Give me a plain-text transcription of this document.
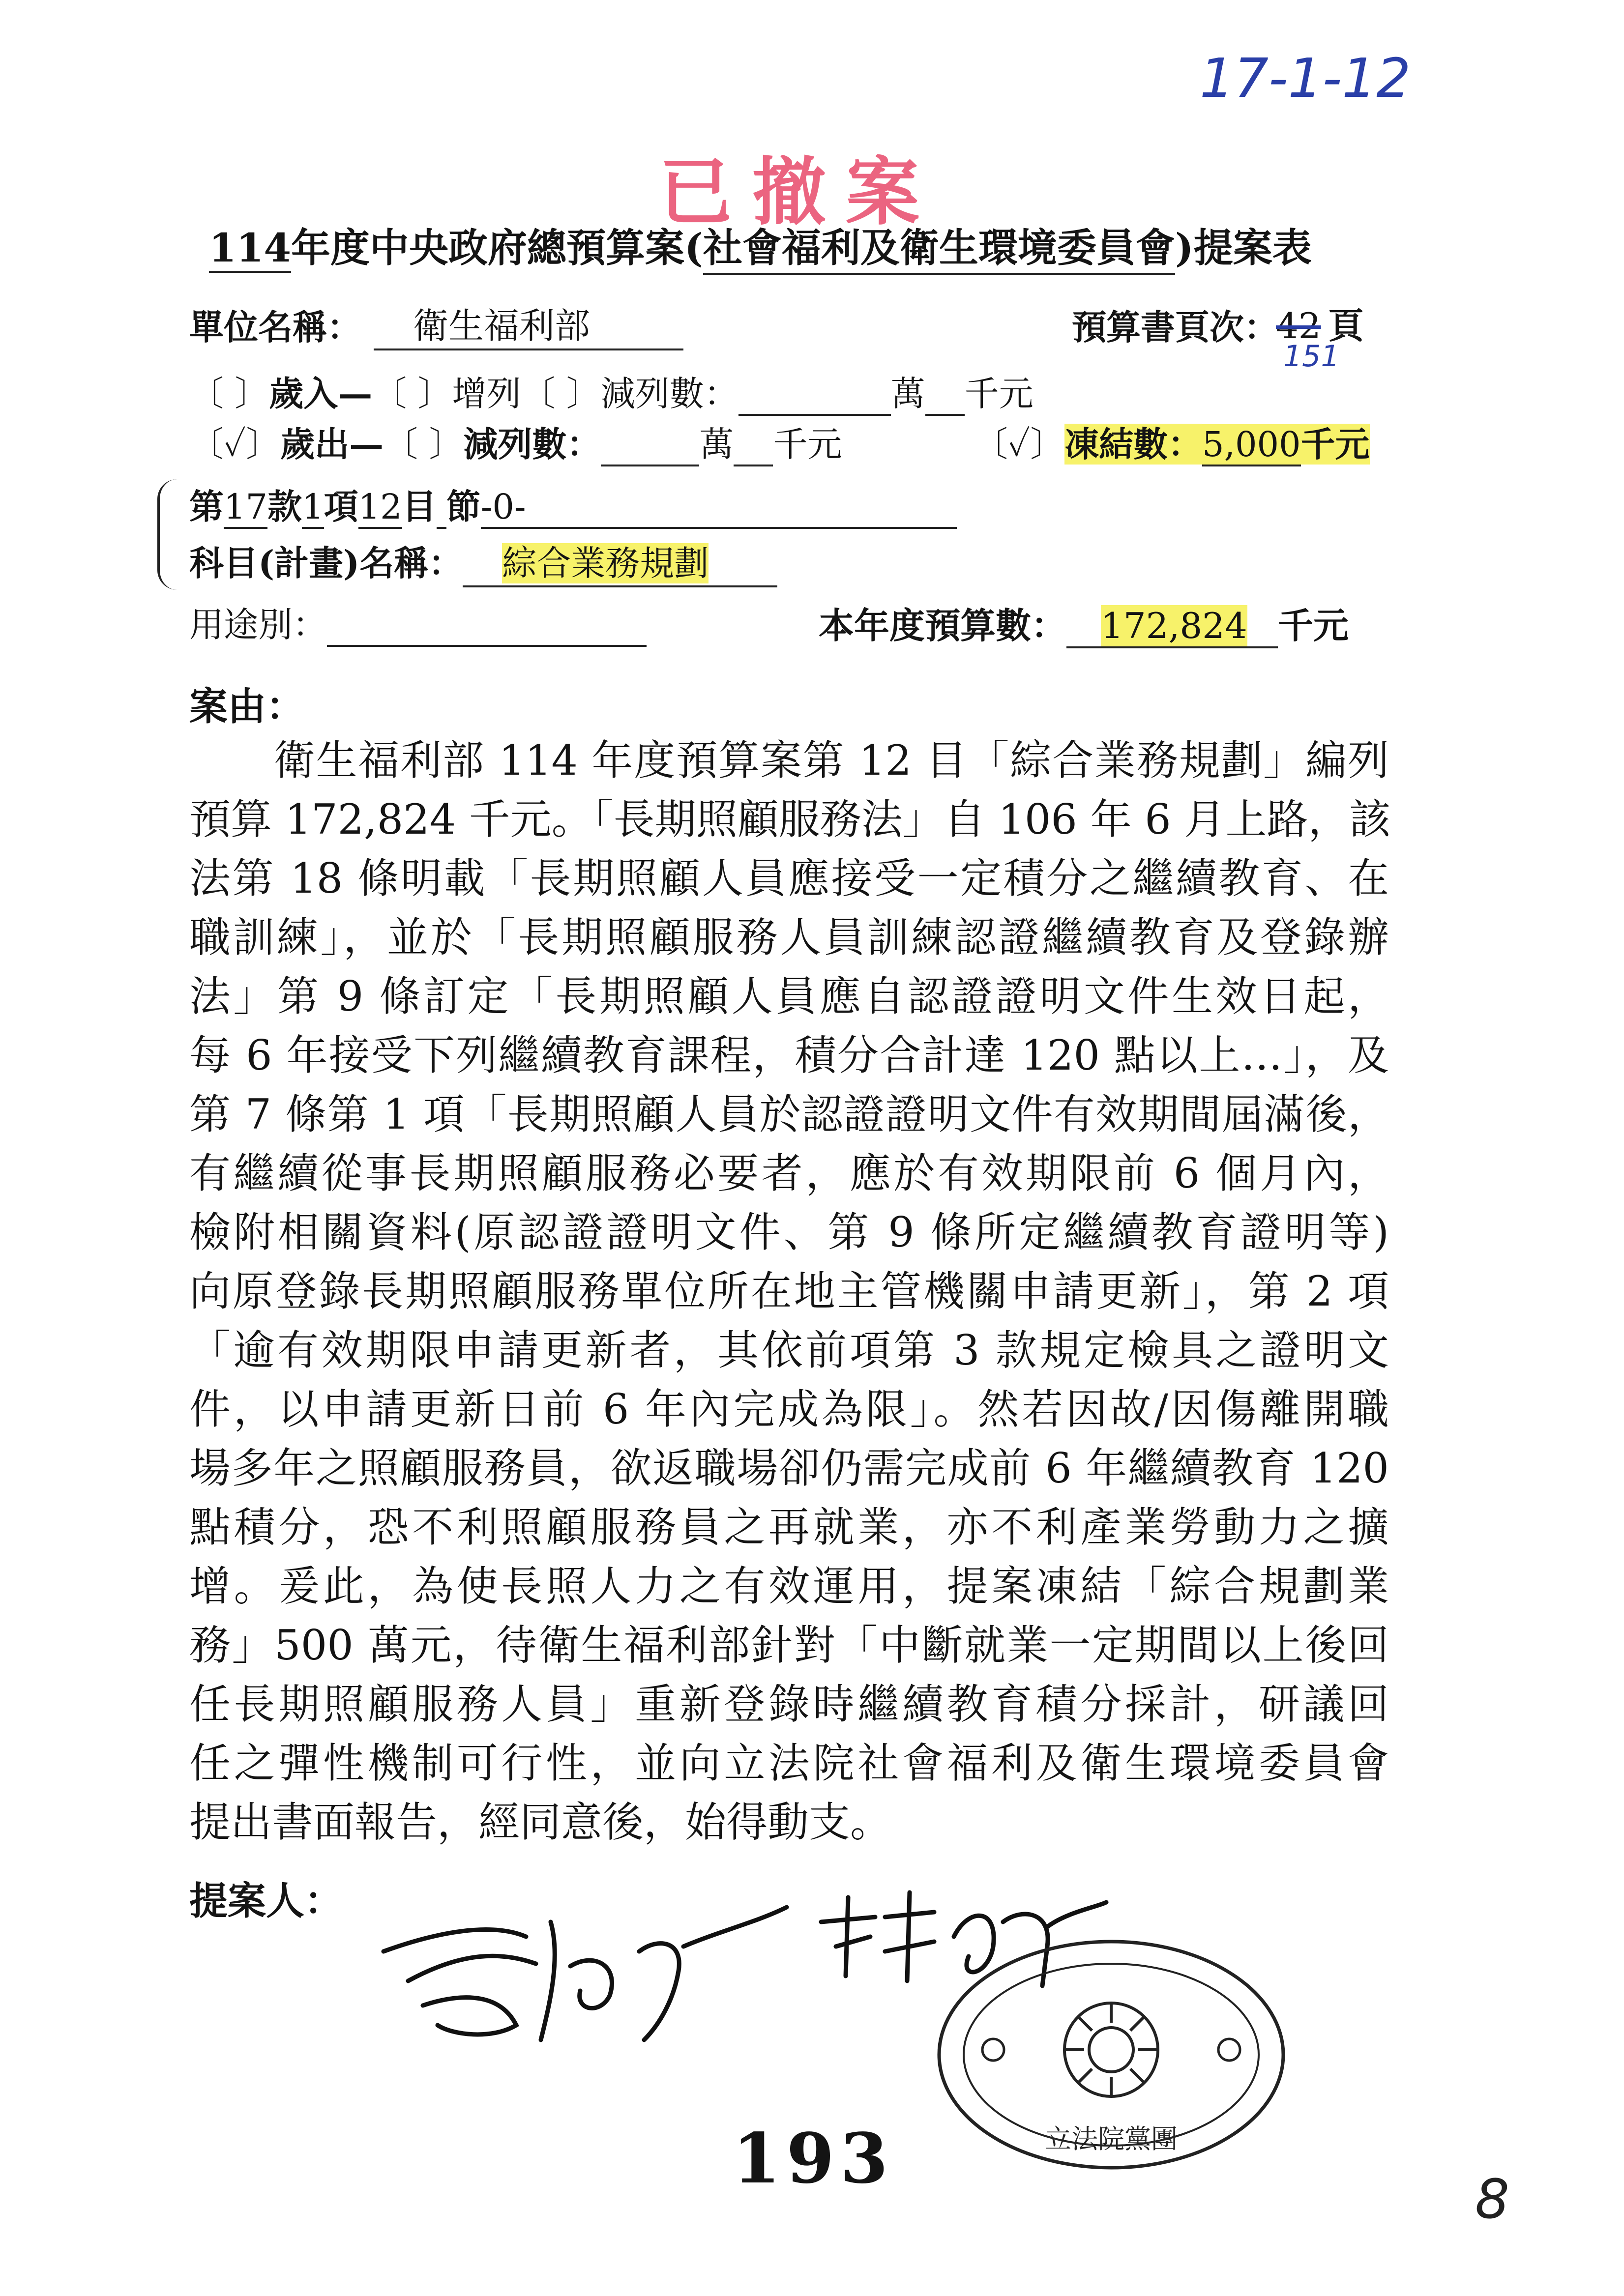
17-1-12
已撤案
114年度中央政府總預算案(社會福利及衛生環境委員會)提案表
單位名稱：	衛生福利部	預算書頁次：
42 頁
151
〔 〕歲入—〔 〕增列〔 〕減列數：	萬 千元
〔✓〕歲出—〔 〕減列數：	萬 千元	〔✓〕凍結數：5,000千元
第17款1項12目 節-0-
科目(計畫)名稱： 綜合業務規劃
用途別：	本年度預算數： 172,824 千元
案由：
　　衛生福利部 114 年度預算案第 12 目「綜合業務規劃」編列
預算 172,824 千元。「長期照顧服務法」自 106 年 6 月上路，該
法第 18 條明載「長期照顧人員應接受一定積分之繼續教育、在
職訓練」，並於「長期照顧服務人員訓練認證繼續教育及登錄辦
法」第 9 條訂定「長期照顧人員應自認證證明文件生效日起，
每 6 年接受下列繼續教育課程，積分合計達 120 點以上…」，及
第 7 條第 1 項「長期照顧人員於認證證明文件有效期間屆滿後，
有繼續從事長期照顧服務必要者，應於有效期限前 6 個月內，
檢附相關資料(原認證證明文件、第 9 條所定繼續教育證明等)
向原登錄長期照顧服務單位所在地主管機關申請更新」，第 2 項
「逾有效期限申請更新者，其依前項第 3 款規定檢具之證明文
件，以申請更新日前 6 年內完成為限」。然若因故/因傷離開職
場多年之照顧服務員，欲返職場卻仍需完成前 6 年繼續教育 120
點積分，恐不利照顧服務員之再就業，亦不利產業勞動力之擴
增。爰此，為使長照人力之有效運用，提案凍結「綜合規劃業
務」500 萬元，待衛生福利部針對「中斷就業一定期間以上後回
任長期照顧服務人員」重新登錄時繼續教育積分採計，研議回
任之彈性機制可行性，並向立法院社會福利及衛生環境委員會
提出書面報告，經同意後，始得動支。
提案人：
立法院黨團
193	8
